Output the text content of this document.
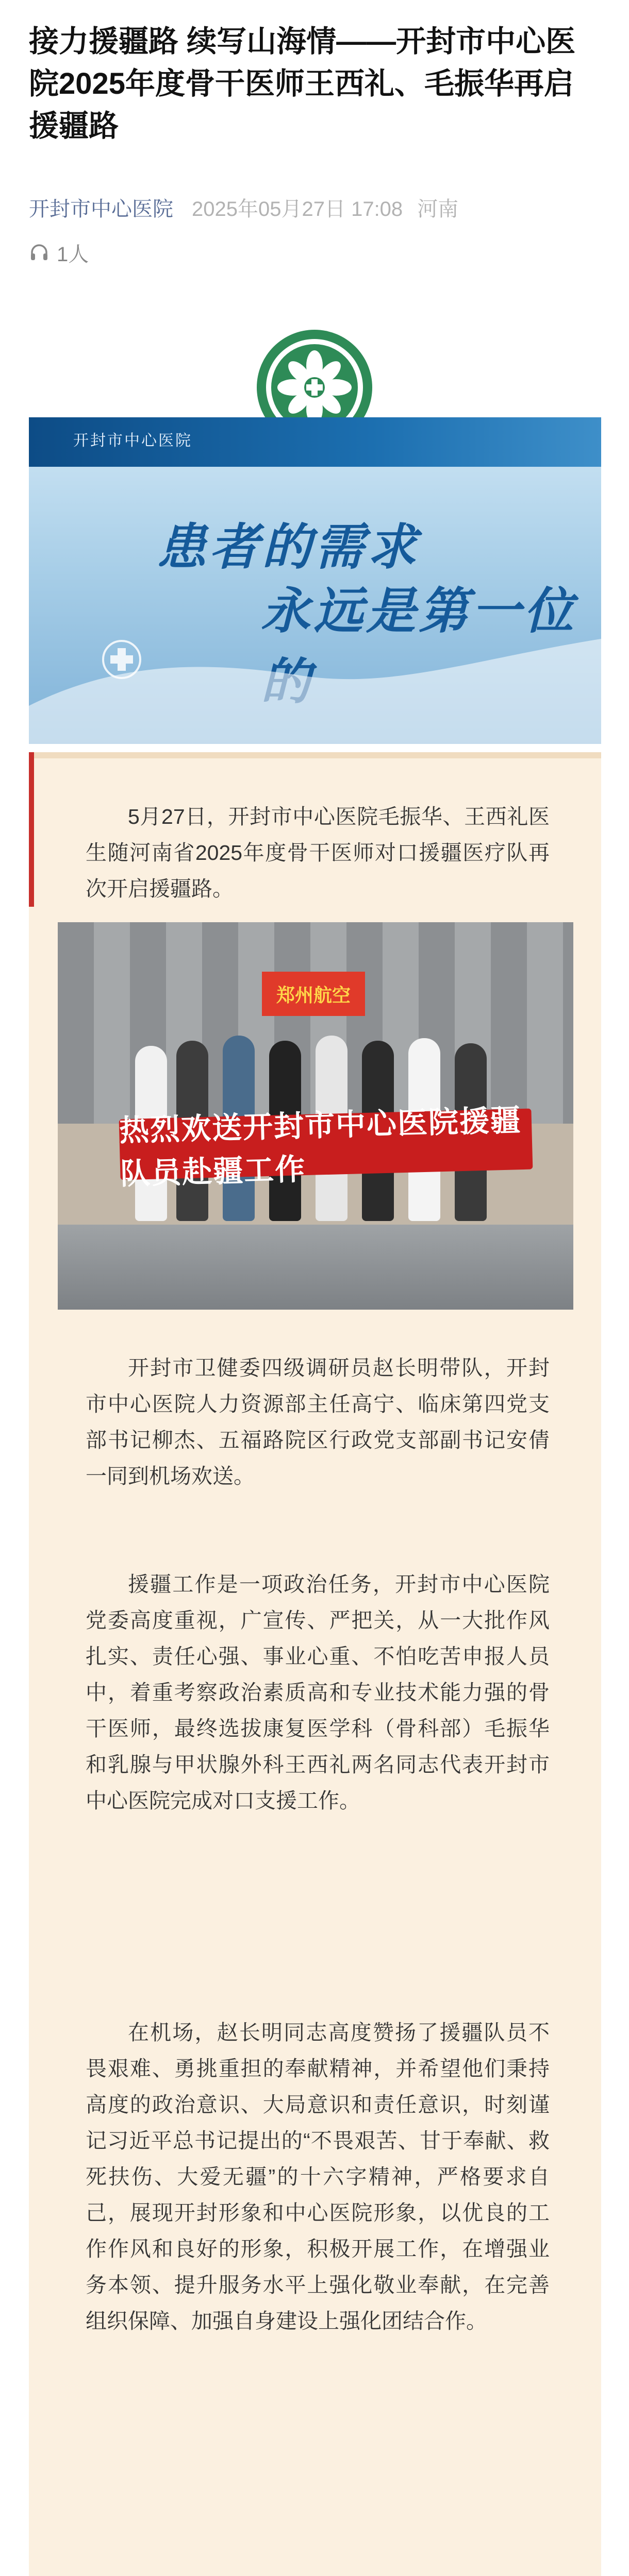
接力援疆路 续写山海情——开封市中心医院2025年度骨干医师王西礼、毛振华再启援疆路
开封市中心医院 2025年05月27日 17:08 河南
1人
开封市中心医院
患者的需求
永远是第一位

5月27日，开封市中心医院毛振华、王西礼医生随河南省2025年度骨干医师对口援疆医疗队再次开启援疆路。

郑州航空
热烈欢送开封市中心医院援疆队员赴疆工作

开封市卫健委四级调研员赵长明带队，开封市中心医院人力资源部主任高宁、临床第四党支部书记柳杰、五福路院区行政党支部副书记安倩一同到机场欢送。

援疆工作是一项政治任务，开封市中心医院党委高度重视，广宣传、严把关，从一大批作风扎实、责任心强、事业心重、不怕吃苦申报人员中，着重考察政治素质高和专业技术能力强的骨干医师，最终选拔康复医学科（骨科部）毛振华和乳腺与甲状腺外科王西礼两名同志代表开封市中心医院完成对口支援工作。

在机场，赵长明同志高度赞扬了援疆队员不畏艰难、勇挑重担的奉献精神，并希望他们秉持高度的政治意识、大局意识和责任意识，时刻谨记习近平总书记提出的“不畏艰苦、甘于奉献、救死扶伤、大爱无疆”的十六字精神，严格要求自己，展现开封形象和中心医院形象，以优良的工作作风和良好的形象，积极开展工作，在增强业务本领、提升服务水平上强化敬业奉献，在完善组织保障、加强自身建设上强化团结合作。
